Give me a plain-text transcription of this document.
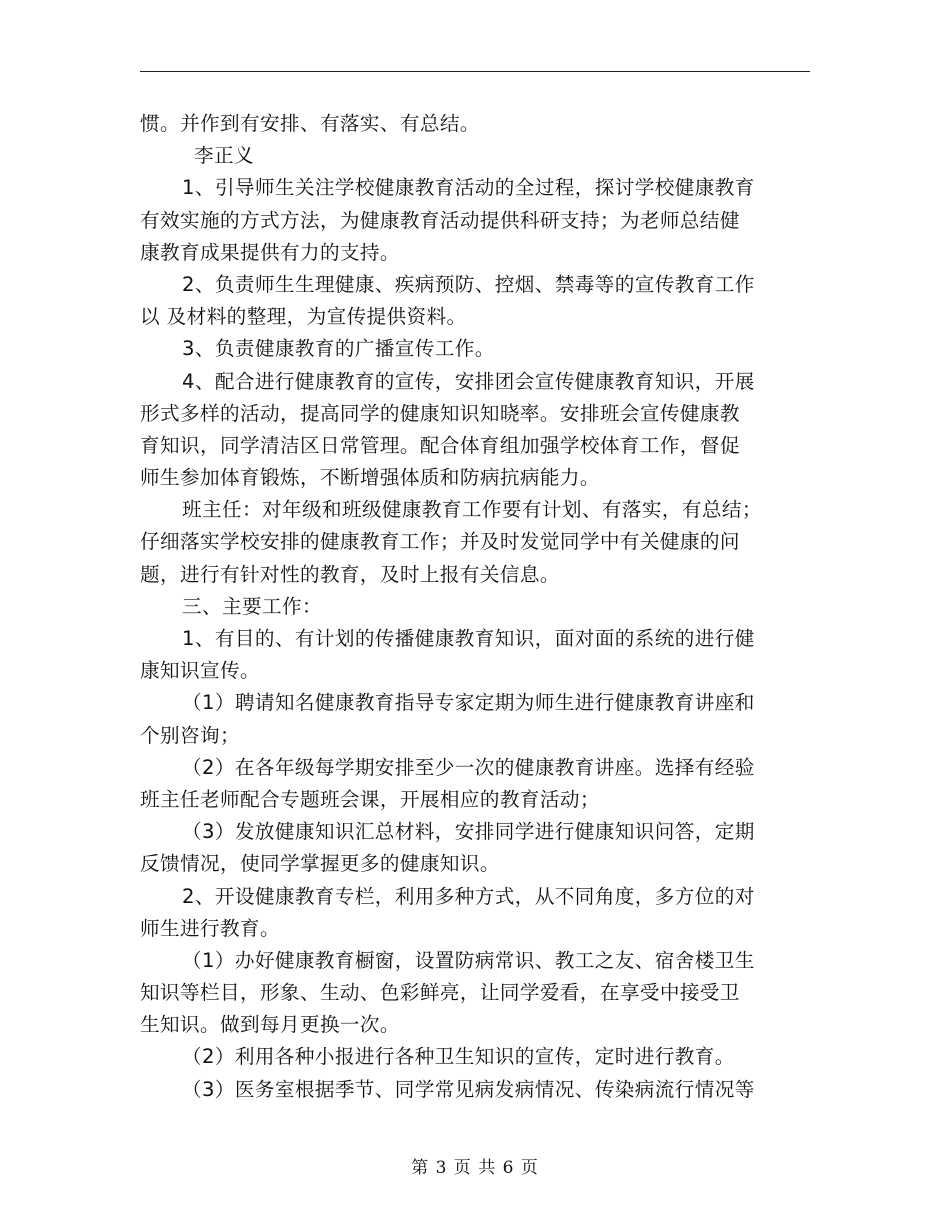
惯。并作到有安排、有落实、有总结。
李正义
1、引导师生关注学校健康教育活动的全过程，探讨学校健康教育
有效实施的方式方法，为健康教育活动提供科研支持；为老师总结健
康教育成果提供有力的支持。
2、负责师生生理健康、疾病预防、控烟、禁毒等的宣传教育工作
以 及材料的整理，为宣传提供资料。
3、负责健康教育的广播宣传工作。
4、配合进行健康教育的宣传，安排团会宣传健康教育知识，开展
形式多样的活动，提高同学的健康知识知晓率。安排班会宣传健康教
育知识，同学清洁区日常管理。配合体育组加强学校体育工作，督促
师生参加体育锻炼，不断增强体质和防病抗病能力。
班主任：对年级和班级健康教育工作要有计划、有落实，有总结；
仔细落实学校安排的健康教育工作；并及时发觉同学中有关健康的问
题，进行有针对性的教育，及时上报有关信息。
三、主要工作：
1、有目的、有计划的传播健康教育知识，面对面的系统的进行健
康知识宣传。
（1）聘请知名健康教育指导专家定期为师生进行健康教育讲座和
个别咨询；
（2）在各年级每学期安排至少一次的健康教育讲座。选择有经验
班主任老师配合专题班会课，开展相应的教育活动；
（3）发放健康知识汇总材料，安排同学进行健康知识问答，定期
反馈情况，使同学掌握更多的健康知识。
2、开设健康教育专栏，利用多种方式，从不同角度，多方位的对
师生进行教育。
（1）办好健康教育橱窗，设置防病常识、教工之友、宿舍楼卫生
知识等栏目，形象、生动、色彩鲜亮，让同学爱看，在享受中接受卫
生知识。做到每月更换一次。
（2）利用各种小报进行各种卫生知识的宣传，定时进行教育。
（3）医务室根据季节、同学常见病发病情况、传染病流行情况等
第 3 页 共 6 页
